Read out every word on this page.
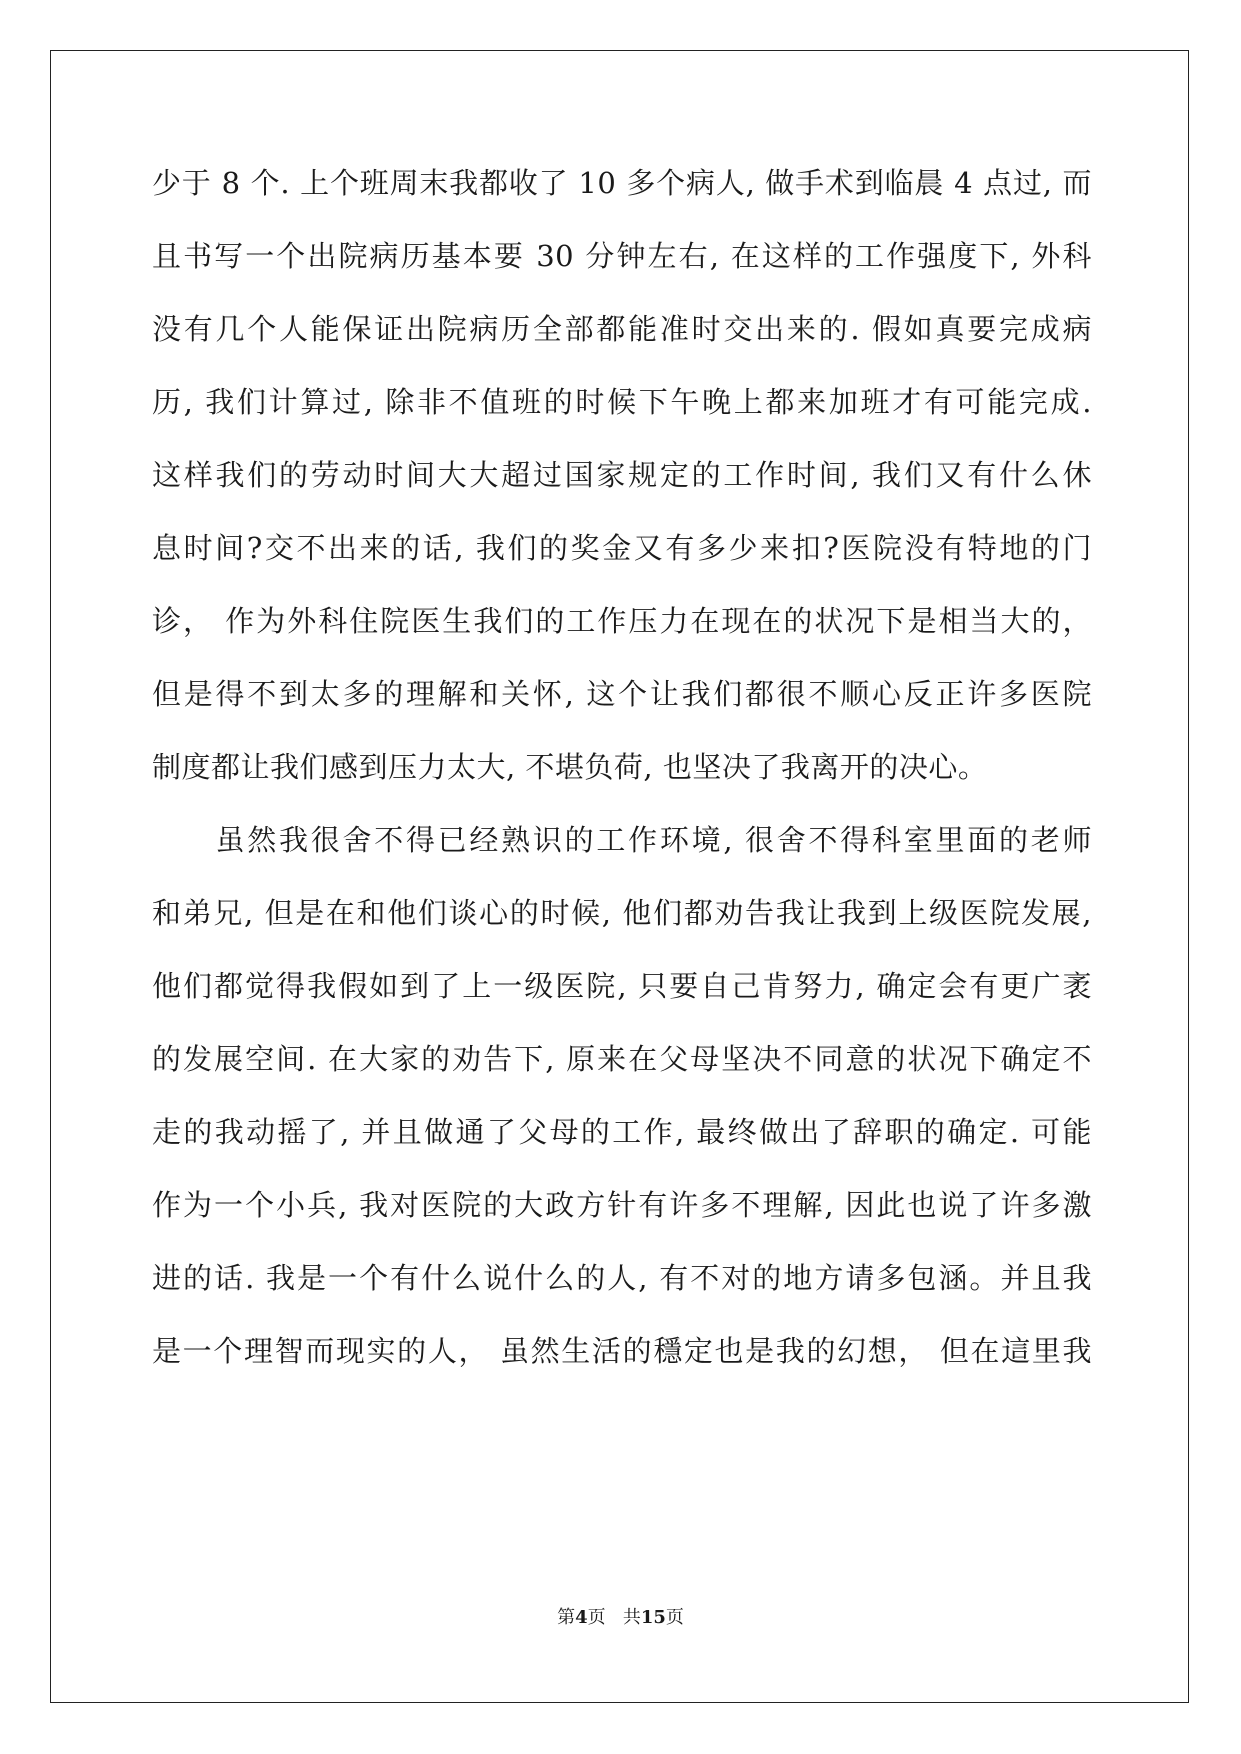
少于 8 个. 上个班周末我都收了 10 多个病人, 做手术到临晨 4 点过, 而
且书写一个出院病历基本要 30 分钟左右, 在这样的工作强度下, 外科
没有几个人能保证出院病历全部都能准时交出来的. 假如真要完成病
历, 我们计算过, 除非不值班的时候下午晚上都来加班才有可能完成.
这样我们的劳动时间大大超过国家规定的工作时间, 我们又有什么休
息时间?交不出来的话, 我们的奖金又有多少来扣?医院没有特地的门
诊， 作为外科住院医生我们的工作压力在现在的状况下是相当大的，
但是得不到太多的理解和关怀, 这个让我们都很不顺心反正许多医院
制度都让我们感到压力太大, 不堪负荷, 也坚决了我离开的决心。
　　虽然我很舍不得已经熟识的工作环境, 很舍不得科室里面的老师
和弟兄, 但是在和他们谈心的时候, 他们都劝告我让我到上级医院发展,
他们都觉得我假如到了上一级医院, 只要自己肯努力, 确定会有更广袤
的发展空间. 在大家的劝告下, 原来在父母坚决不同意的状况下确定不
走的我动摇了, 并且做通了父母的工作, 最终做出了辞职的确定. 可能
作为一个小兵, 我对医院的大政方针有许多不理解, 因此也说了许多激
进的话. 我是一个有什么说什么的人, 有不对的地方请多包涵。并且我
是一个理智而现实的人， 虽然生活的穩定也是我的幻想， 但在這里我
第4页 共15页
